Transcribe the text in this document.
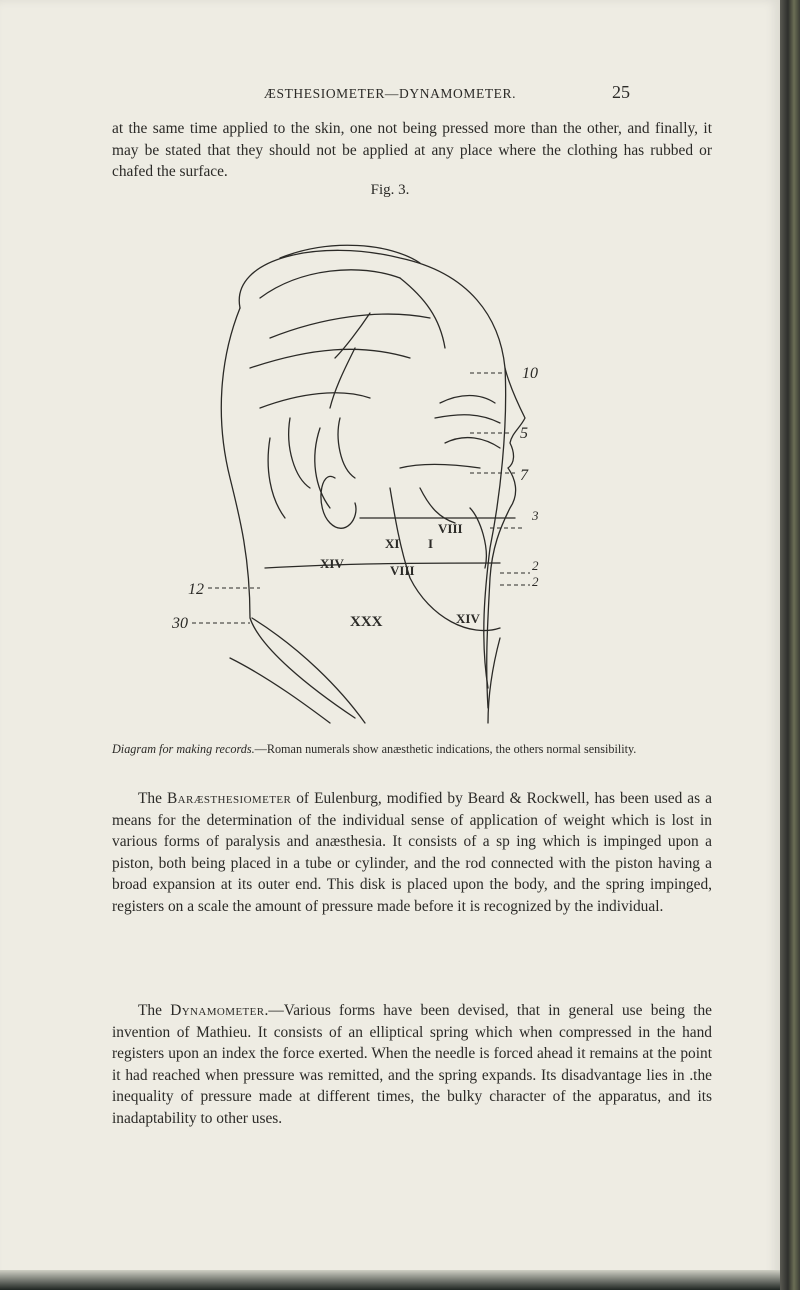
ÆSTHESIOMETER—DYNAMOMETER.	25

at the same time applied to the skin, one not being pressed more than the other, and finally, it may be stated that they should not be applied at any place where the clothing has rubbed or chafed the surface.

Fig. 3.
10
5
7
3
2
2
12
30
VIII
XI I
XIV	VIII
XXX	XIV
Diagram for making records.—Roman numerals show anæsthetic indications, the others normal sensibility.

The Baræsthesiometer of Eulenburg, modified by Beard & Rockwell, has been used as a means for the determination of the individual sense of application of weight which is lost in various forms of paralysis and anæsthesia. It consists of a sp ing which is impinged upon a piston, both being placed in a tube or cylinder, and the rod connected with the piston having a broad expansion at its outer end. This disk is placed upon the body, and the spring impinged, registers on a scale the amount of pressure made before it is recognized by the individual.

The Dynamometer.—Various forms have been devised, that in general use being the invention of Mathieu. It consists of an elliptical spring which when compressed in the hand registers upon an index the force exerted. When the needle is forced ahead it remains at the point it had reached when pressure was remitted, and the spring expands. Its disadvantage lies in .the inequality of pressure made at different times, the bulky character of the apparatus, and its inadaptability to other uses.
